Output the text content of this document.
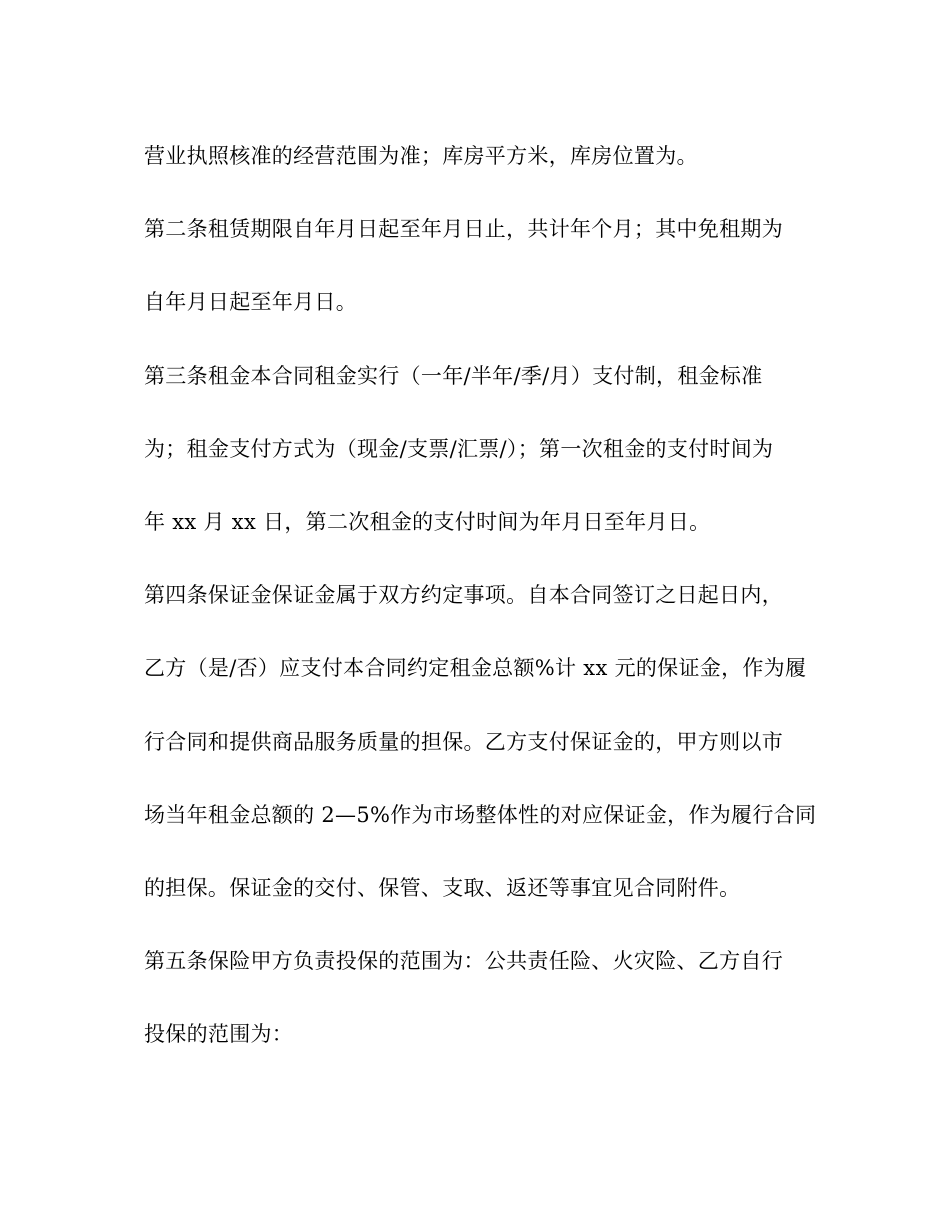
营业执照核准的经营范围为准；库房平方米，库房位置为。
第二条租赁期限自年月日起至年月日止，共计年个月；其中免租期为
自年月日起至年月日。
第三条租金本合同租金实行（一年/半年/季/月）支付制，租金标准
为；租金支付方式为（现金/支票/汇票/）；第一次租金的支付时间为
年 xx 月 xx 日，第二次租金的支付时间为年月日至年月日。
第四条保证金保证金属于双方约定事项。自本合同签订之日起日内，
乙方（是/否）应支付本合同约定租金总额%计 xx 元的保证金，作为履
行合同和提供商品服务质量的担保。乙方支付保证金的，甲方则以市
场当年租金总额的 2—5%作为市场整体性的对应保证金，作为履行合同
的担保。保证金的交付、保管、支取、返还等事宜见合同附件。
第五条保险甲方负责投保的范围为：公共责任险、火灾险、乙方自行
投保的范围为：
